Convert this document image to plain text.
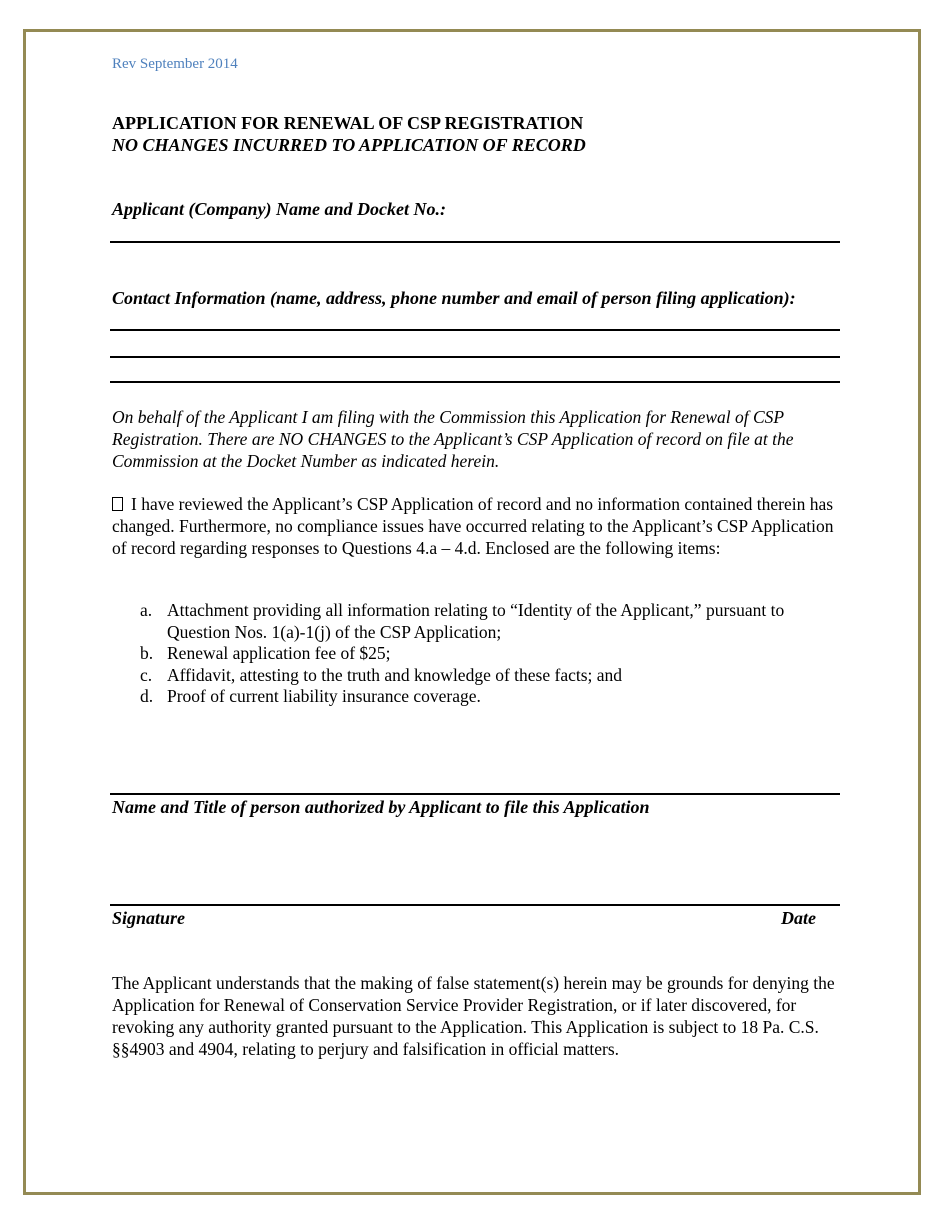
Rev September 2014
APPLICATION FOR RENEWAL OF CSP REGISTRATION
NO CHANGES INCURRED TO APPLICATION OF RECORD
Applicant (Company) Name and Docket No.:
Contact Information (name, address, phone number and email of person filing application):
On behalf of the Applicant I am filing with the Commission this Application for Renewal of CSP Registration. There are NO CHANGES to the Applicant’s CSP Application of record on file at the Commission at the Docket Number as indicated herein.
I have reviewed the Applicant’s CSP Application of record and no information contained therein has changed. Furthermore, no compliance issues have occurred relating to the Applicant’s CSP Application of record regarding responses to Questions 4.a – 4.d. Enclosed are the following items:
a. Attachment providing all information relating to “Identity of the Applicant,” pursuant to Question Nos. 1(a)-1(j) of the CSP Application;
b. Renewal application fee of $25;
c. Affidavit, attesting to the truth and knowledge of these facts; and
d. Proof of current liability insurance coverage.
Name and Title of person authorized by Applicant to file this Application
Signature	Date
The Applicant understands that the making of false statement(s) herein may be grounds for denying the Application for Renewal of Conservation Service Provider Registration, or if later discovered, for revoking any authority granted pursuant to the Application. This Application is subject to 18 Pa. C.S. §§4903 and 4904, relating to perjury and falsification in official matters.
